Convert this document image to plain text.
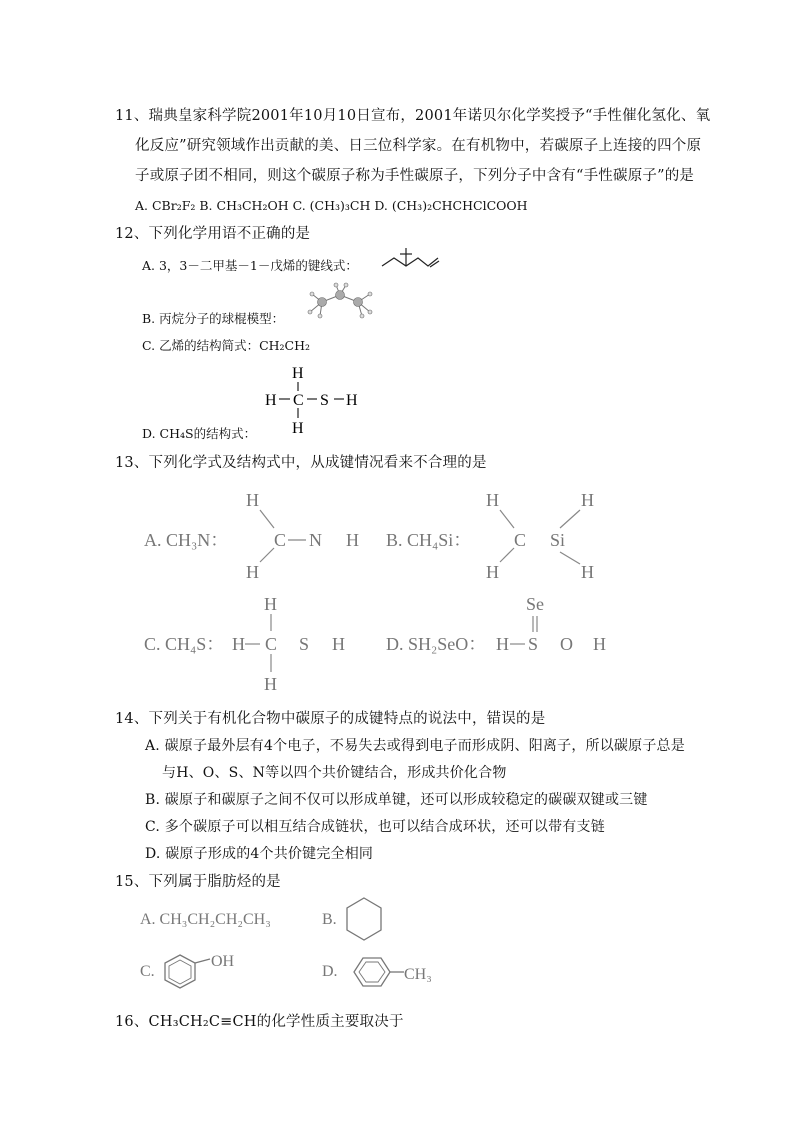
11、瑞典皇家科学院2001年10月10日宣布，2001年诺贝尔化学奖授予“手性催化氢化、氧
化反应”研究领域作出贡献的美、日三位科学家。在有机物中，若碳原子上连接的四个原
子或原子团不相同，则这个碳原子称为手性碳原子，下列分子中含有“手性碳原子”的是
A. CBr₂F₂ B. CH₃CH₂OH C. (CH₃)₃CH D. (CH₃)₂CHCHClCOOH
12、下列化学用语不正确的是
A. 3，3－二甲基－1－戊烯的键线式：
B. 丙烷分子的球棍模型：
C. 乙烯的结构简式：CH₂CH₂
H
H C S H
H
D. CH₄S的结构式：
13、下列化学式及结构式中，从成键情况看来不合理的是
A. CH₃N：
H
C N H
H
B. CH₄Si：
H
C Si
H
H	H
C. CH₄S： H
H
C S H
H
D. SH₂SeO： H
Se
S O H
14、下列关于有机化合物中碳原子的成键特点的说法中，错误的是
A. 碳原子最外层有4个电子，不易失去或得到电子而形成阴、阳离子，所以碳原子总是
与H、O、S、N等以四个共价键结合，形成共价化合物
B. 碳原子和碳原子之间不仅可以形成单键，还可以形成较稳定的碳碳双键或三键
C. 多个碳原子可以相互结合成链状，也可以结合成环状，还可以带有支链
D. 碳原子形成的4个共价键完全相同
15、下列属于脂肪烃的是
A. CH₃CH₂CH₂CH₃	B.
C.
OH
D.	CH₃
16、CH₃CH₂C≡CH的化学性质主要取决于
